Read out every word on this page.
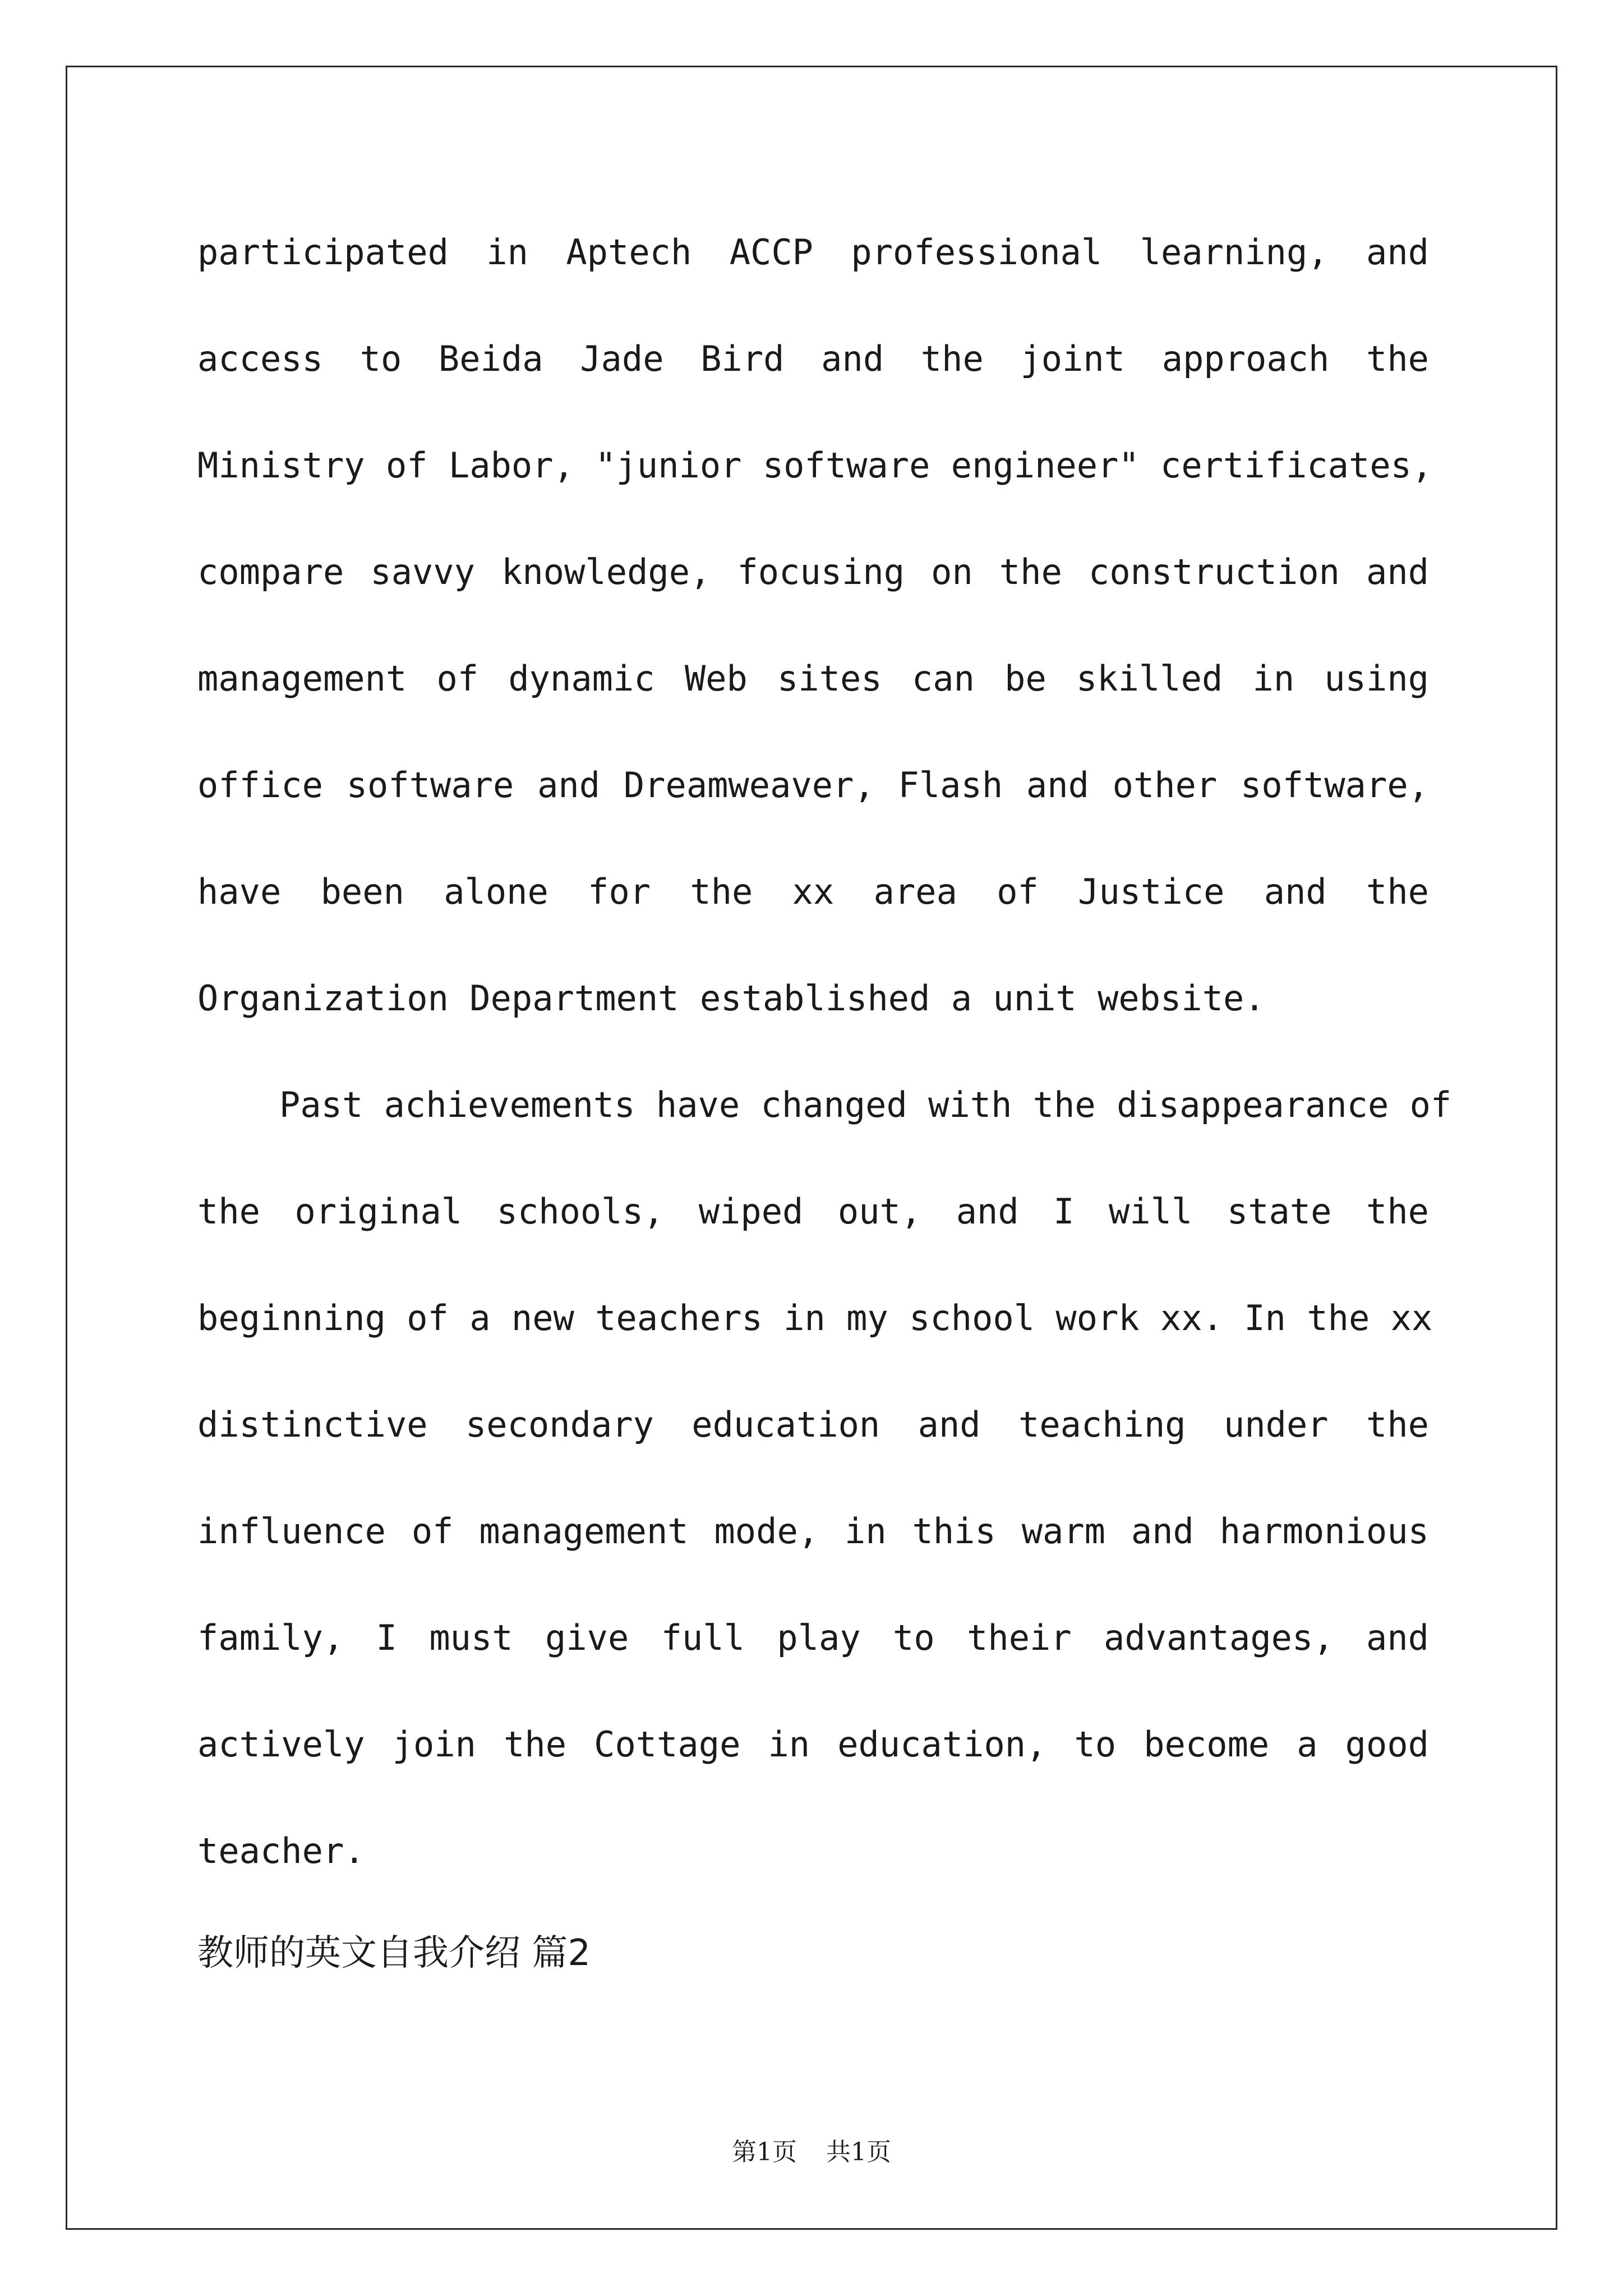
participated in Aptech ACCP professional learning, and
access to Beida Jade Bird and the joint approach the
Ministry of Labor, "junior software engineer" certificates,
compare savvy knowledge, focusing on the construction and
management of dynamic Web sites can be skilled in using
office software and Dreamweaver, Flash and other software,
have been alone for the xx area of Justice and the
Organization Department established a unit website.
Past achievements have changed with the disappearance of
the original schools, wiped out, and I will state the
beginning of a new teachers in my school work xx. In the xx
distinctive secondary education and teaching under the
influence of management mode, in this warm and harmonious
family, I must give full play to their advantages, and
actively join the Cottage in education, to become a good
teacher.
教师的英文自我介绍 篇2
第1页 共1页
